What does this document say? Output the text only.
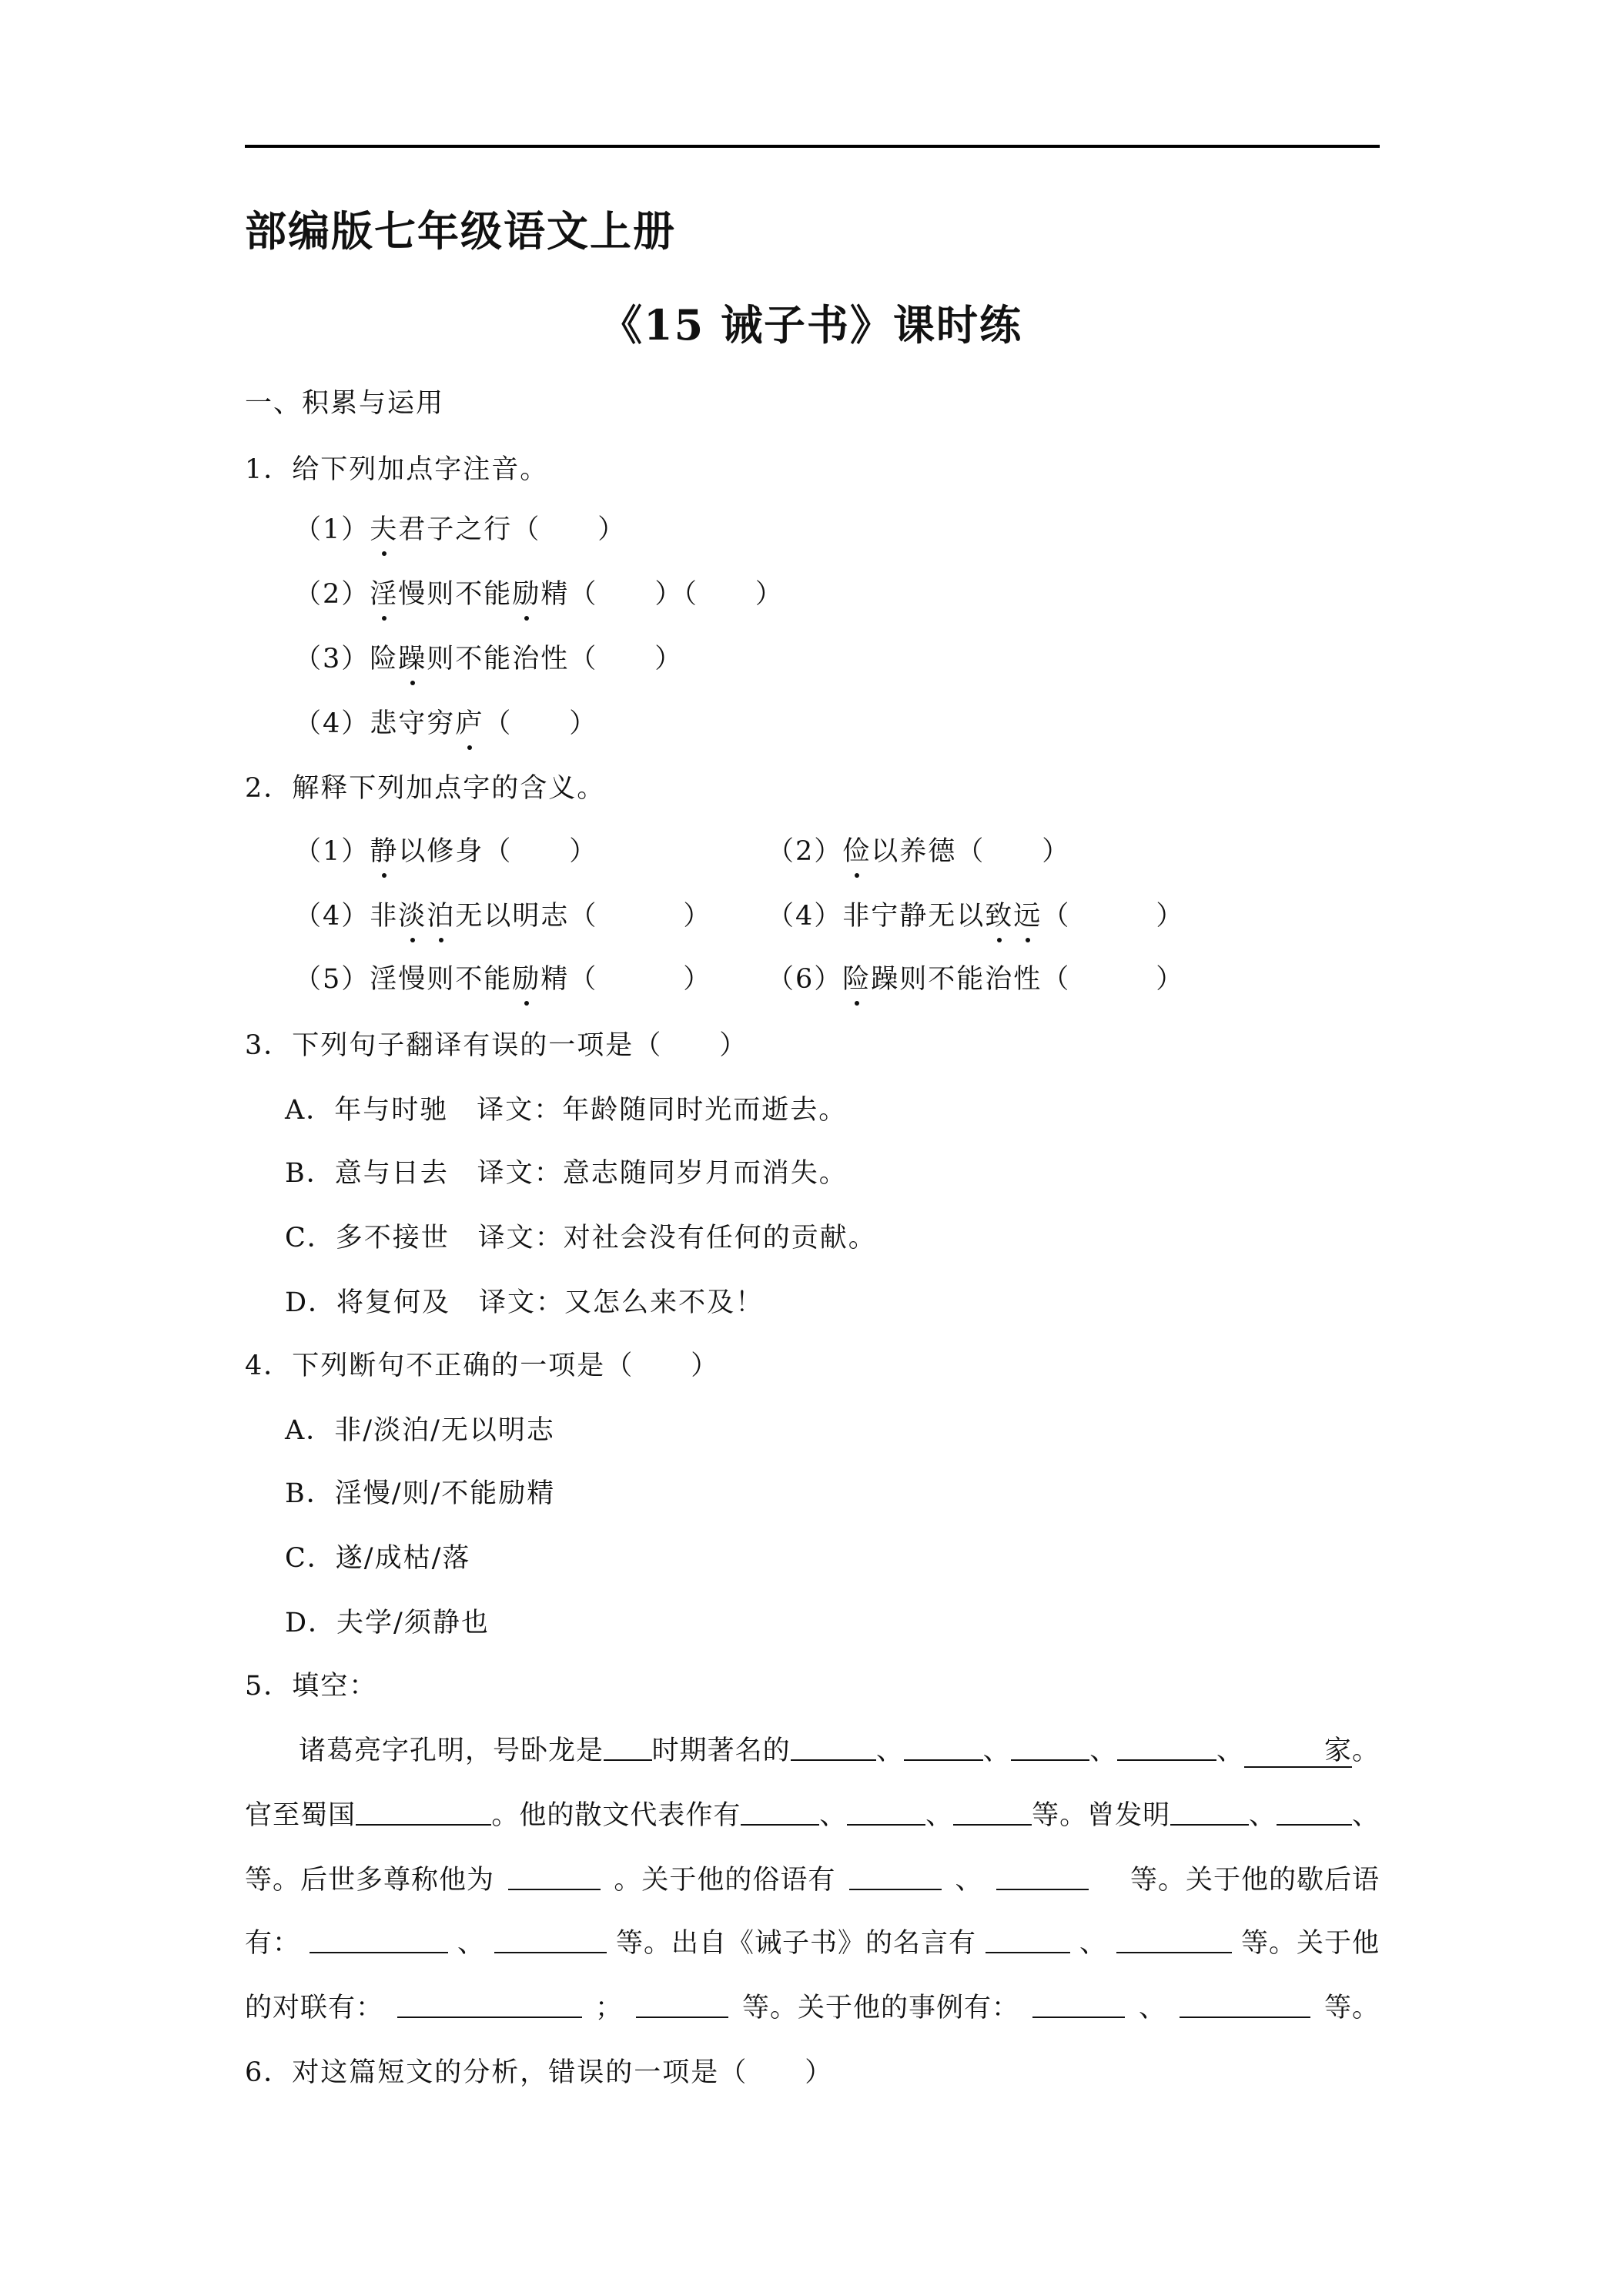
部编版七年级语文上册
《15 诫子书》课时练
一、积累与运用
1．给下列加点字注音。
（1）夫君子之行（　　）
（2）淫慢则不能励精（　　）（　　）
（3）险躁则不能治性（　　）
（4）悲守穷庐（　　）
2．解释下列加点字的含义。
（1）静以修身（　　）	（2）俭以养德（　　）
（4）非淡泊无以明志（　　　） （4）非宁静无以致远（　　　）
（5）淫慢则不能励精（　　　） （6）险躁则不能治性（　　　）
3．下列句子翻译有误的一项是（　　）
A．年与时驰　译文：年龄随同时光而逝去。
B．意与日去　译文：意志随同岁月而消失。
C．多不接世　译文：对社会没有任何的贡献。
D．将复何及　译文：又怎么来不及！
4．下列断句不正确的一项是（　　）
A．非/淡泊/无以明志
B．淫慢/则/不能励精
C．遂/成枯/落
D．夫学/须静也
5．填空：
诸葛亮字孔明，号卧龙是 时期著名的	、	、	、	、	家 。
官至蜀国	。他的散文代表作有	、	、	等。曾发明	、	、
等。后世多尊称他为	。关于他的俗语有	、	　等。关于他的歇后语
有：	、	等。出自《诫子书》的名言有	、	等。关于他
的对联有：	；	等。关于他的事例有：	、	等。
6．对这篇短文的分析，错误的一项是（　　）
